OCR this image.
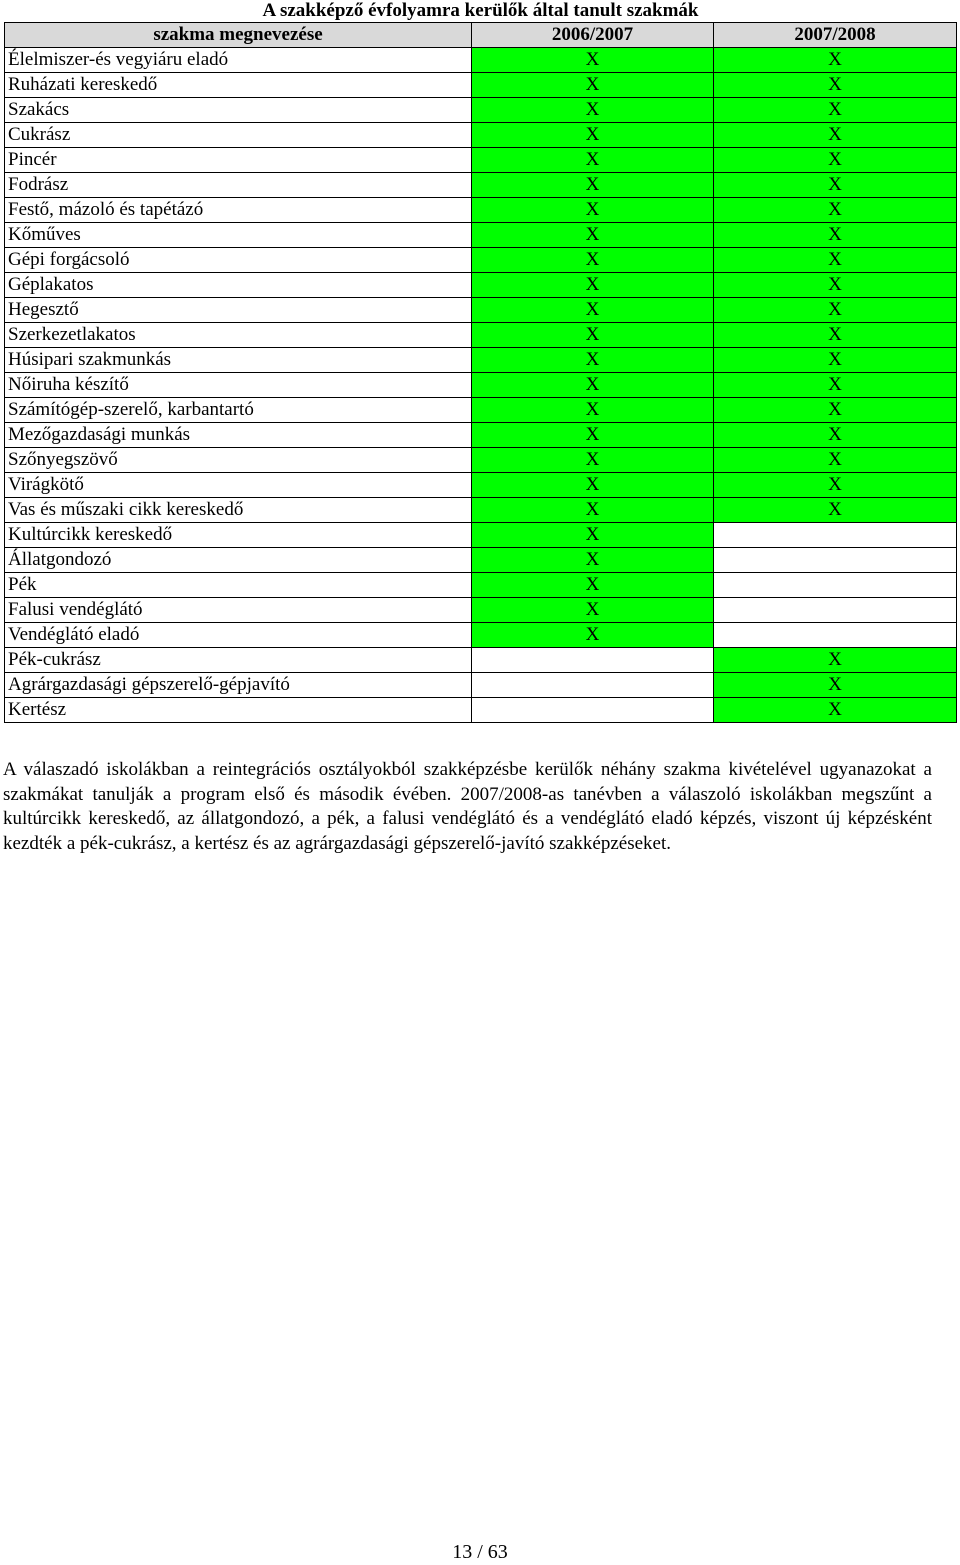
A szakképző évfolyamra kerülők által tanult szakmák		
szakma megnevezése	2006/2007	2007/2008
Élelmiszer-és vegyiáru eladó	X	X
Ruházati kereskedő	X	X
Szakács	X	X
Cukrász	X	X
Pincér	X	X
Fodrász	X	X
Festő, mázoló és tapétázó	X	X
Kőműves	X	X
Gépi forgácsoló	X	X
Géplakatos	X	X
Hegesztő	X	X
Szerkezetlakatos	X	X
Húsipari szakmunkás	X	X
Nőiruha készítő	X	X
Számítógép-szerelő, karbantartó	X	X
Mezőgazdasági munkás	X	X
Szőnyegszövő	X	X
Virágkötő	X	X
Vas és műszaki cikk kereskedő	X	X
Kultúrcikk kereskedő	X	
Állatgondozó	X	
Pék	X	
Falusi vendéglátó	X	
Vendéglátó eladó	X	
Pék-cukrász		X
Agrárgazdasági gépszerelő-gépjavító		X
Kertész		X

A válaszadó iskolákban a reintegrációs osztályokból szakképzésbe kerülők néhány szakma kivételével ugyanazokat a szakmákat tanulják a program első és második évében. 2007/2008-as tanévben a válaszoló iskolákban megszűnt a kultúrcikk kereskedő, az állatgondozó, a pék, a falusi vendéglátó és a vendéglátó eladó képzés, viszont új képzésként kezdték a pék-cukrász, a kertész és az agrárgazdasági gépszerelő-javító szakképzéseket.

13 / 63
